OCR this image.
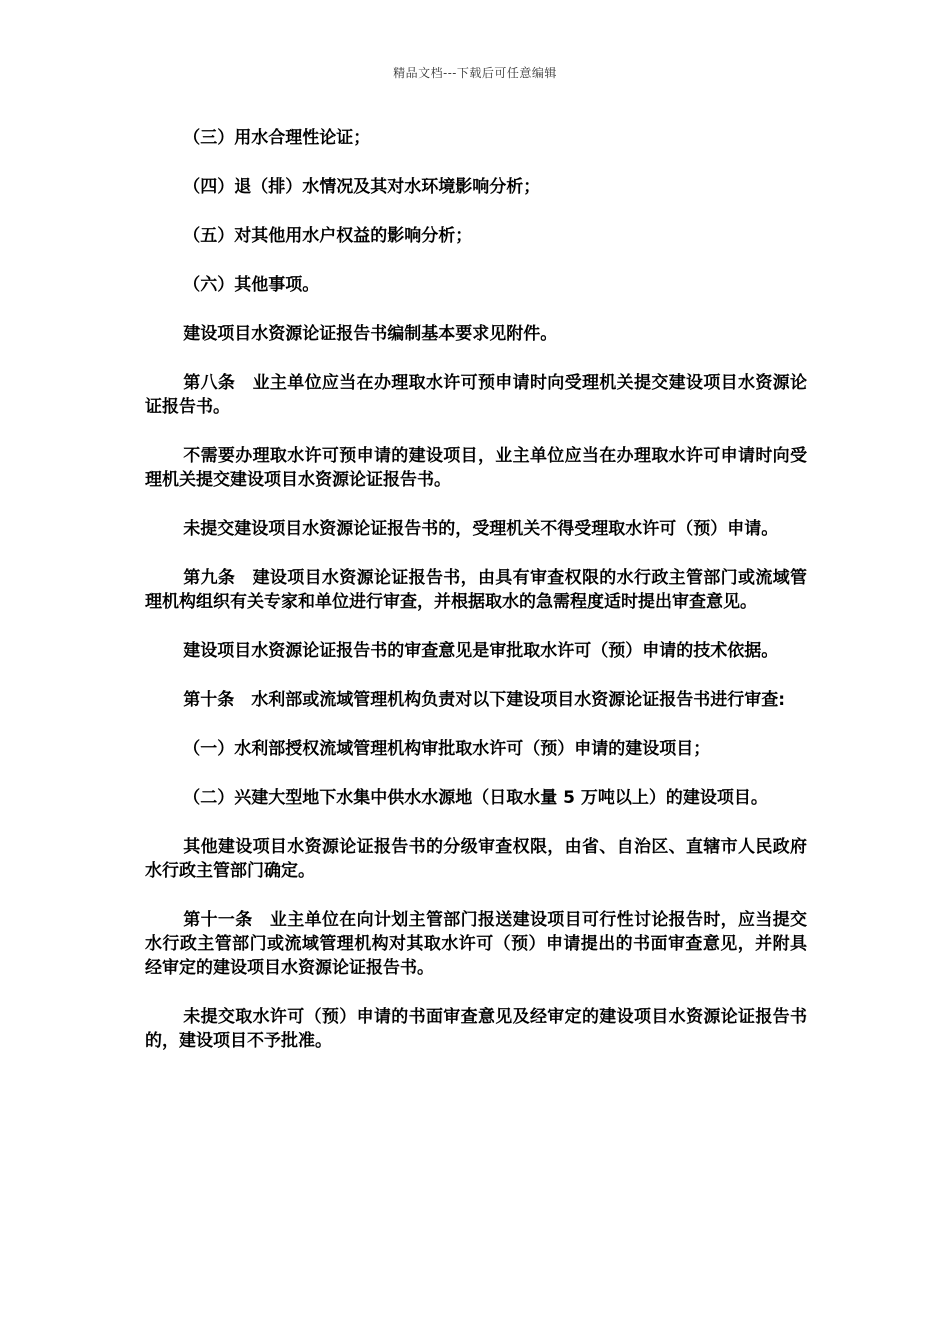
精品文档---下载后可任意编辑

（三）用水合理性论证；

（四）退（排）水情况及其对水环境影响分析；

（五）对其他用水户权益的影响分析；

（六）其他事项。

建设项目水资源论证报告书编制基本要求见附件。

第八条　业主单位应当在办理取水许可预申请时向受理机关提交建设项目水资源论证报告书。

不需要办理取水许可预申请的建设项目，业主单位应当在办理取水许可申请时向受理机关提交建设项目水资源论证报告书。

未提交建设项目水资源论证报告书的，受理机关不得受理取水许可（预）申请。

第九条　建设项目水资源论证报告书，由具有审查权限的水行政主管部门或流域管理机构组织有关专家和单位进行审查，并根据取水的急需程度适时提出审查意见。

建设项目水资源论证报告书的审查意见是审批取水许可（预）申请的技术依据。

第十条　水利部或流域管理机构负责对以下建设项目水资源论证报告书进行审查:

（一）水利部授权流域管理机构审批取水许可（预）申请的建设项目；

（二）兴建大型地下水集中供水水源地（日取水量 5 万吨以上）的建设项目。

其他建设项目水资源论证报告书的分级审查权限，由省、自治区、直辖市人民政府水行政主管部门确定。

第十一条　业主单位在向计划主管部门报送建设项目可行性讨论报告时，应当提交水行政主管部门或流域管理机构对其取水许可（预）申请提出的书面审查意见，并附具经审定的建设项目水资源论证报告书。

未提交取水许可（预）申请的书面审查意见及经审定的建设项目水资源论证报告书的，建设项目不予批准。
